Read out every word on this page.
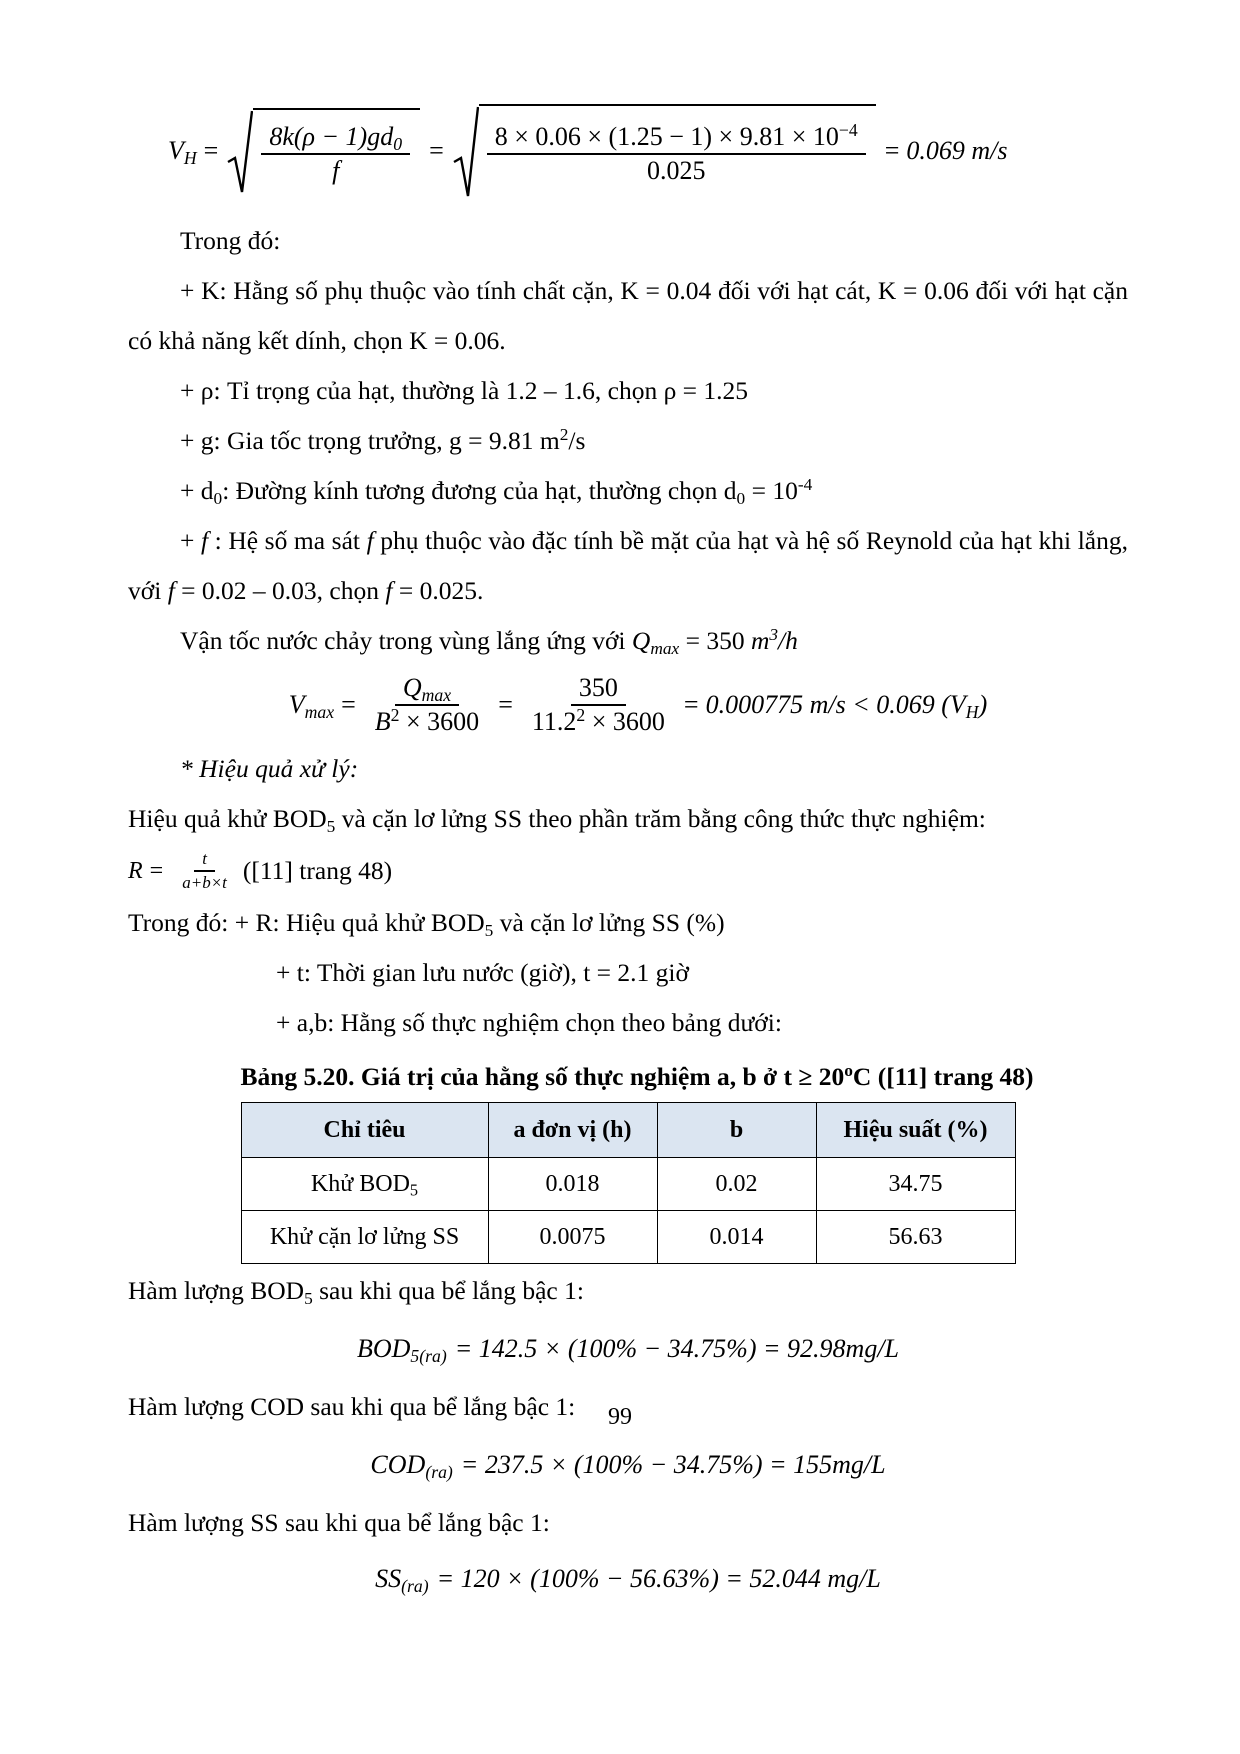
$V_H = \frac{8k(\rho - 1)gd_0}{f} = \frac{8 \times 0.06 \times (1.25 - 1) \times 9.81 \times 10^{-4}}{0.025} = 0.069$ m/s

Trong đó:

+ K: Hằng số phụ thuộc vào tính chất cặn, K = 0.04 đối với hạt cát, K = 0.06 đối với hạt cặn có khả năng kết dính, chọn K = 0.06.

+ ρ: Tỉ trọng của hạt, thường là 1.2 – 1.6, chọn ρ = 1.25

+ g: Gia tốc trọng trưởng, g = 9.81 $m^2/s$

+ $d_0$: Đường kính tương đương của hạt, thường chọn $d_0 = 10^{-4}$

+ f : Hệ số ma sát f phụ thuộc vào đặc tính bề mặt của hạt và hệ số Reynold của hạt khi lắng, với f = 0.02 – 0.03, chọn f = 0.025.

Vận tốc nước chảy trong vùng lắng ứng với $Q_{max} = 350$ $m^3/h$

$V_{max} = \frac{Q_{max}}{B^2 \times 3600} = \frac{350}{11.2^2 \times 3600} = 0.000775$ m/s < 0.069 $(V_H)$

* Hiệu quả xử lý:

Hiệu quả khử $BOD_5$ và cặn lơ lửng SS theo phần trăm bằng công thức thực nghiệm:

$R = \frac{t}{a+b\times t} ([11]$ trang 48)

Trong đó: + R: Hiệu quả khử $BOD_5$ và cặn lơ lửng SS (%)

+ t: Thời gian lưu nước (giờ), t = 2.1 giờ

+ a,b: Hằng số thực nghiệm chọn theo bảng dưới:

Bảng 5.20. Giá trị của hằng số thực nghiệm a, b ở $t \ge 20^oC$ ([11] trang 48)
Chỉ tiêu	a đơn vị (h)	b	Hiệu suất (%)
Khử $BOD_5$	0.018	0.02	34.75
Khử cặn lơ lửng SS	0.0075	0.014	56.63

Hàm lượng $BOD_5$ sau khi qua bể lắng bậc 1:

$BOD_{5(ra)} = 142.5 \times (100\% - 34.75\%) = 92.98mg/L$

Hàm lượng COD sau khi qua bể lắng bậc 1:

$COD_{(ra)} = 237.5 \times (100\% - 34.75\%) = 155mg/L$

Hàm lượng SS sau khi qua bể lắng bậc 1:

$SS_{(ra)} = 120 \times (100\% - 56.63\%) = 52.044$ mg/L
99
